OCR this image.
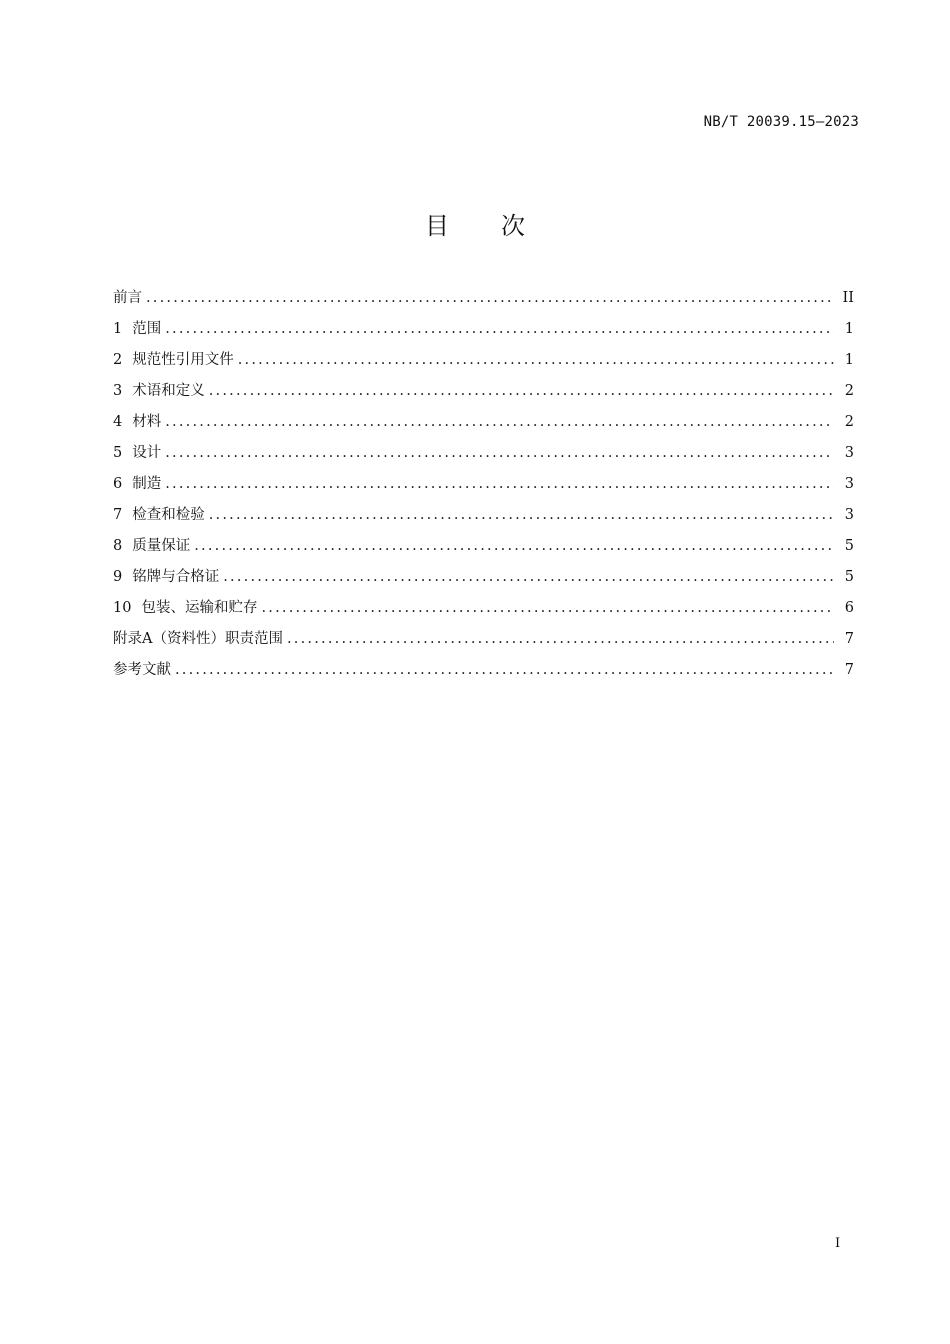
NB/T 20039.15—2023
目 次
前言 .....	II
1 范围 .....	1
2 规范性引用文件 .....	1
3 术语和定义 .....	2
4 材料 .....	2
5 设计 .....	3
6 制造 .....	3
7 检查和检验 .....	3
8 质量保证 .....	5
9 铭牌与合格证 .....	5
10 包装、运输和贮存 .....	6
附录A（资料性）职责范围 .....	7
参考文献 .....	7
I
